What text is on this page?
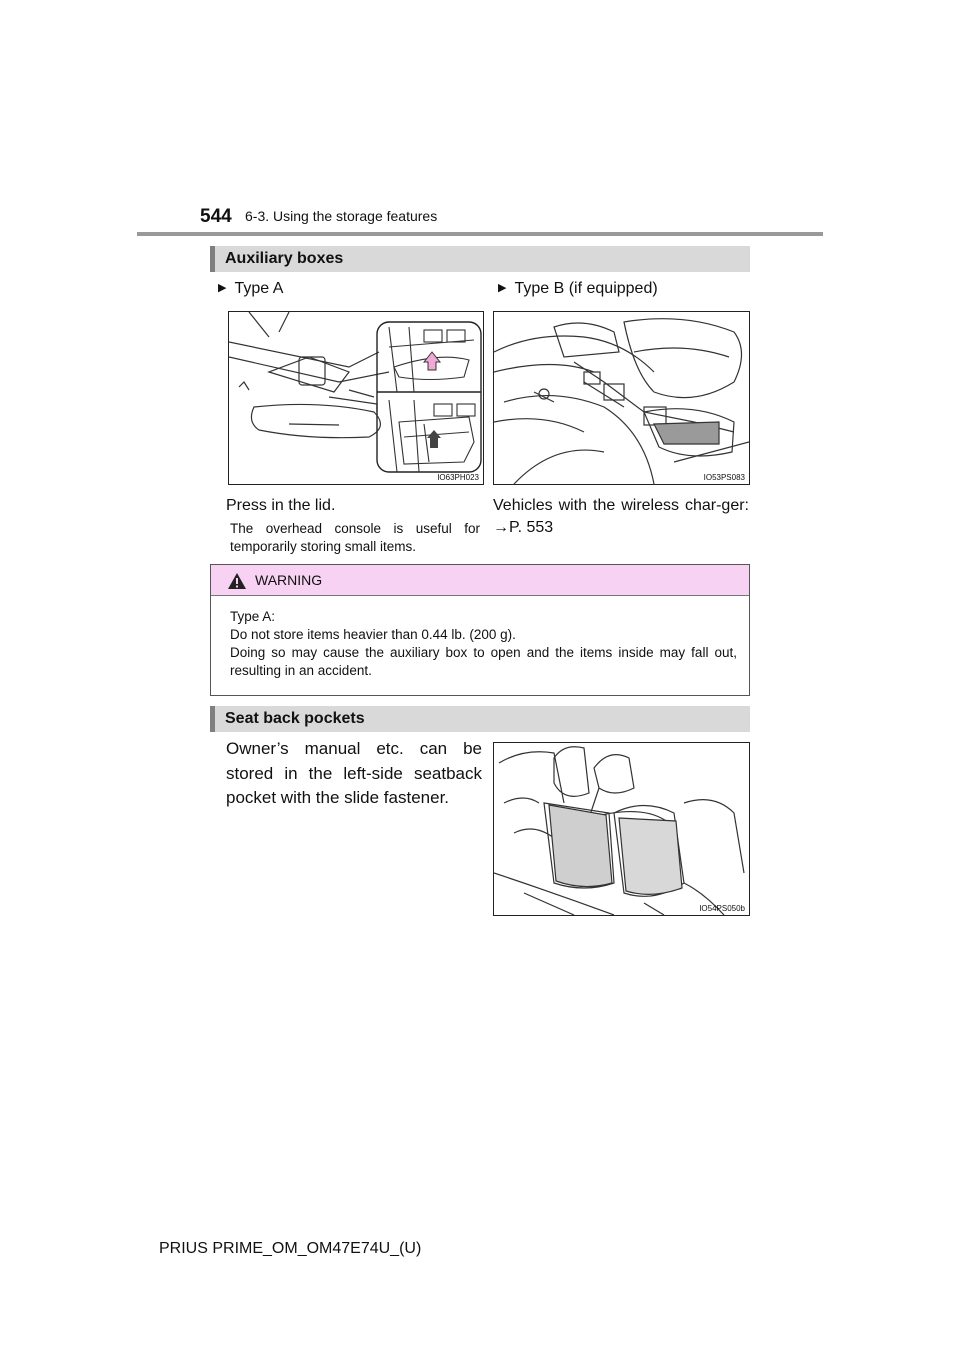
544 6-3. Using the storage features
Auxiliary boxes
▶ Type A	▶ Type B (if equipped)
IO63PH023	IO53PS083
Press in the lid.
The overhead console is useful for temporarily storing small items.
Vehicles with the wireless char-ger: →P. 553
WARNING
Type A:
Do not store items heavier than 0.44 lb. (200 g).
Doing so may cause the auxiliary box to open and the items inside may fall out, resulting in an accident.
Seat back pockets
Owner’s manual etc. can be stored in the left-side seatback pocket with the slide fastener.
IO54PS050b
PRIUS PRIME_OM_OM47E74U_(U)
